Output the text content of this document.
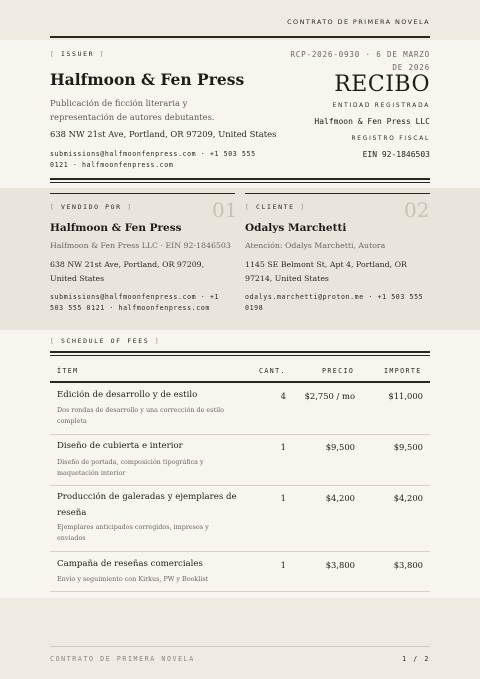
CONTRATO DE PRIMERA NOVELA
[ ISSUER ]
Halfmoon & Fen Press
Publicación de ficción literaria y representación de autores debutantes.
638 NW 21st Ave, Portland, OR 97209, United States
submissions@halfmoonfenpress.com · +1 503 555 0121 · halfmoonfenpress.com
RCP-2026-0930 · 6 DE MARZO DE 2026
RECIBO
ENTIDAD REGISTRADA
Halfmoon & Fen Press LLC
REGISTRO FISCAL
EIN 92-1846503
[ VENDIDO POR ]	01
Halfmoon & Fen Press
Halfmoon & Fen Press LLC · EIN 92-1846503
638 NW 21st Ave, Portland, OR 97209, United States
submissions@halfmoonfenpress.com · +1 503 555 0121 · halfmoonfenpress.com
[ CLIENTE ]	02
Odalys Marchetti
Atención: Odalys Marchetti, Autora
1145 SE Belmont St, Apt 4, Portland, OR 97214, United States
odalys.marchetti@proton.me · +1 503 555 0198
[ SCHEDULE OF FEES ]
ÍTEM	CANT.	PRECIO	IMPORTE
Edición de desarrollo y de estilo
Dos rondas de desarrollo y una corrección de estilo completa
4 $2,750 / mo	$11,000
Diseño de cubierta e interior
Diseño de portada, composición tipográfica y maquetación interior
1	$9,500	$9,500
Producción de galeradas y ejemplares de reseña
Ejemplares anticipados corregidos, impresos y enviados
1	$4,200	$4,200
Campaña de reseñas comerciales
Envío y seguimiento con Kirkus, PW y Booklist
1	$3,800	$3,800
CONTRATO DE PRIMERA NOVELA	1 / 2
